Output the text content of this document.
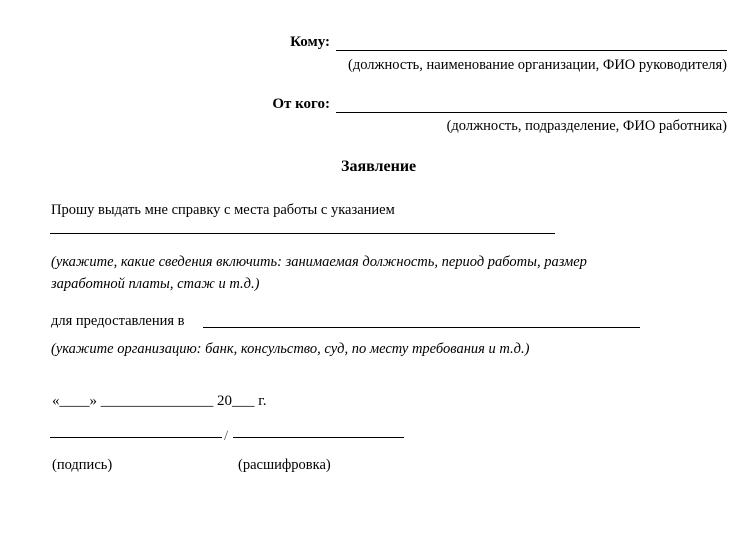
Кому:
(должность, наименование организации, ФИО руководителя)
От кого:
(должность, подразделение, ФИО работника)
Заявление
Прошу выдать мне справку с места работы с указанием
(укажите, какие сведения включить: занимаемая должность, период работы, размер
заработной платы, стаж и т.д.)
для предоставления в
(укажите организацию: банк, консульство, суд, по месту требования и т.д.)
«____» _______________ 20___ г.
/
(подпись)	(расшифровка)
